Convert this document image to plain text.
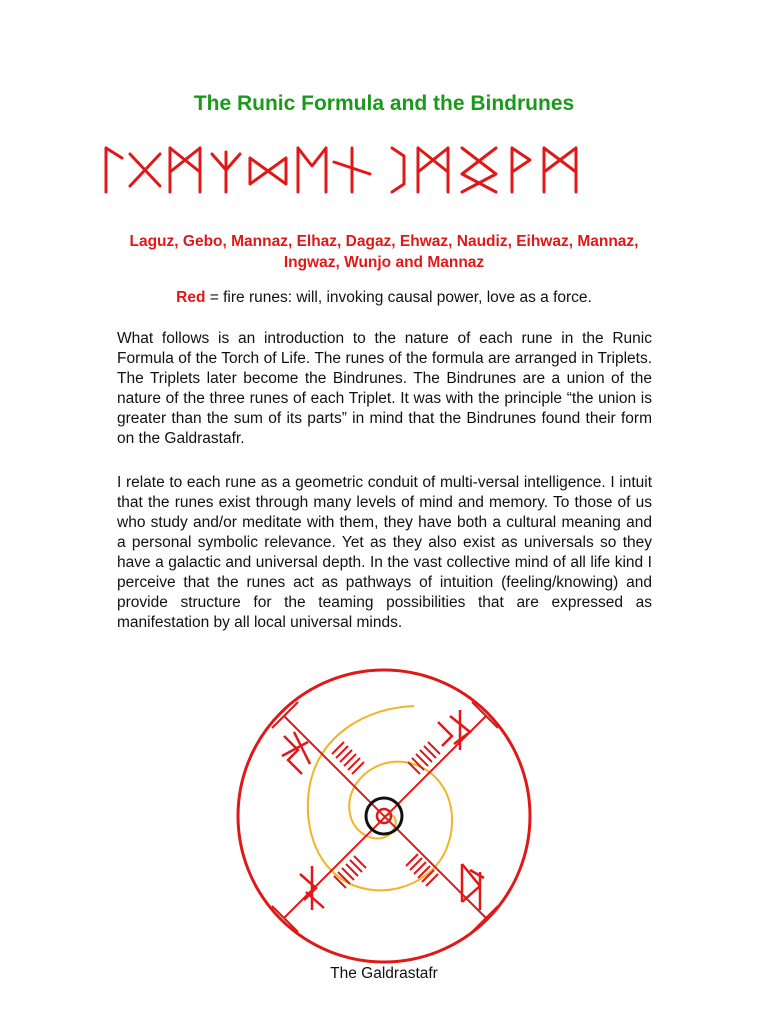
The Runic Formula and the Bindrunes

Laguz, Gebo, Mannaz, Elhaz, Dagaz, Ehwaz, Naudiz, Eihwaz, Mannaz, Ingwaz, Wunjo and Mannaz

Red = fire runes: will, invoking causal power, love as a force.

What follows is an introduction to the nature of each rune in the Runic Formula of the Torch of Life. The runes of the formula are arranged in Triplets. The Triplets later become the Bindrunes. The Bindrunes are a union of the nature of the three runes of each Triplet. It was with the principle “the union is greater than the sum of its parts” in mind that the Bindrunes found their form on the Galdrastafr.

I relate to each rune as a geometric conduit of multi-versal intelligence. I intuit that the runes exist through many levels of mind and memory. To those of us who study and/or meditate with them, they have both a cultural meaning and a personal symbolic relevance. Yet as they also exist as universals so they have a galactic and universal depth. In the vast collective mind of all life kind I perceive that the runes act as pathways of intuition (feeling/knowing) and provide structure for the teaming possibilities that are expressed as manifestation by all local universal minds.

The Galdrastafr
